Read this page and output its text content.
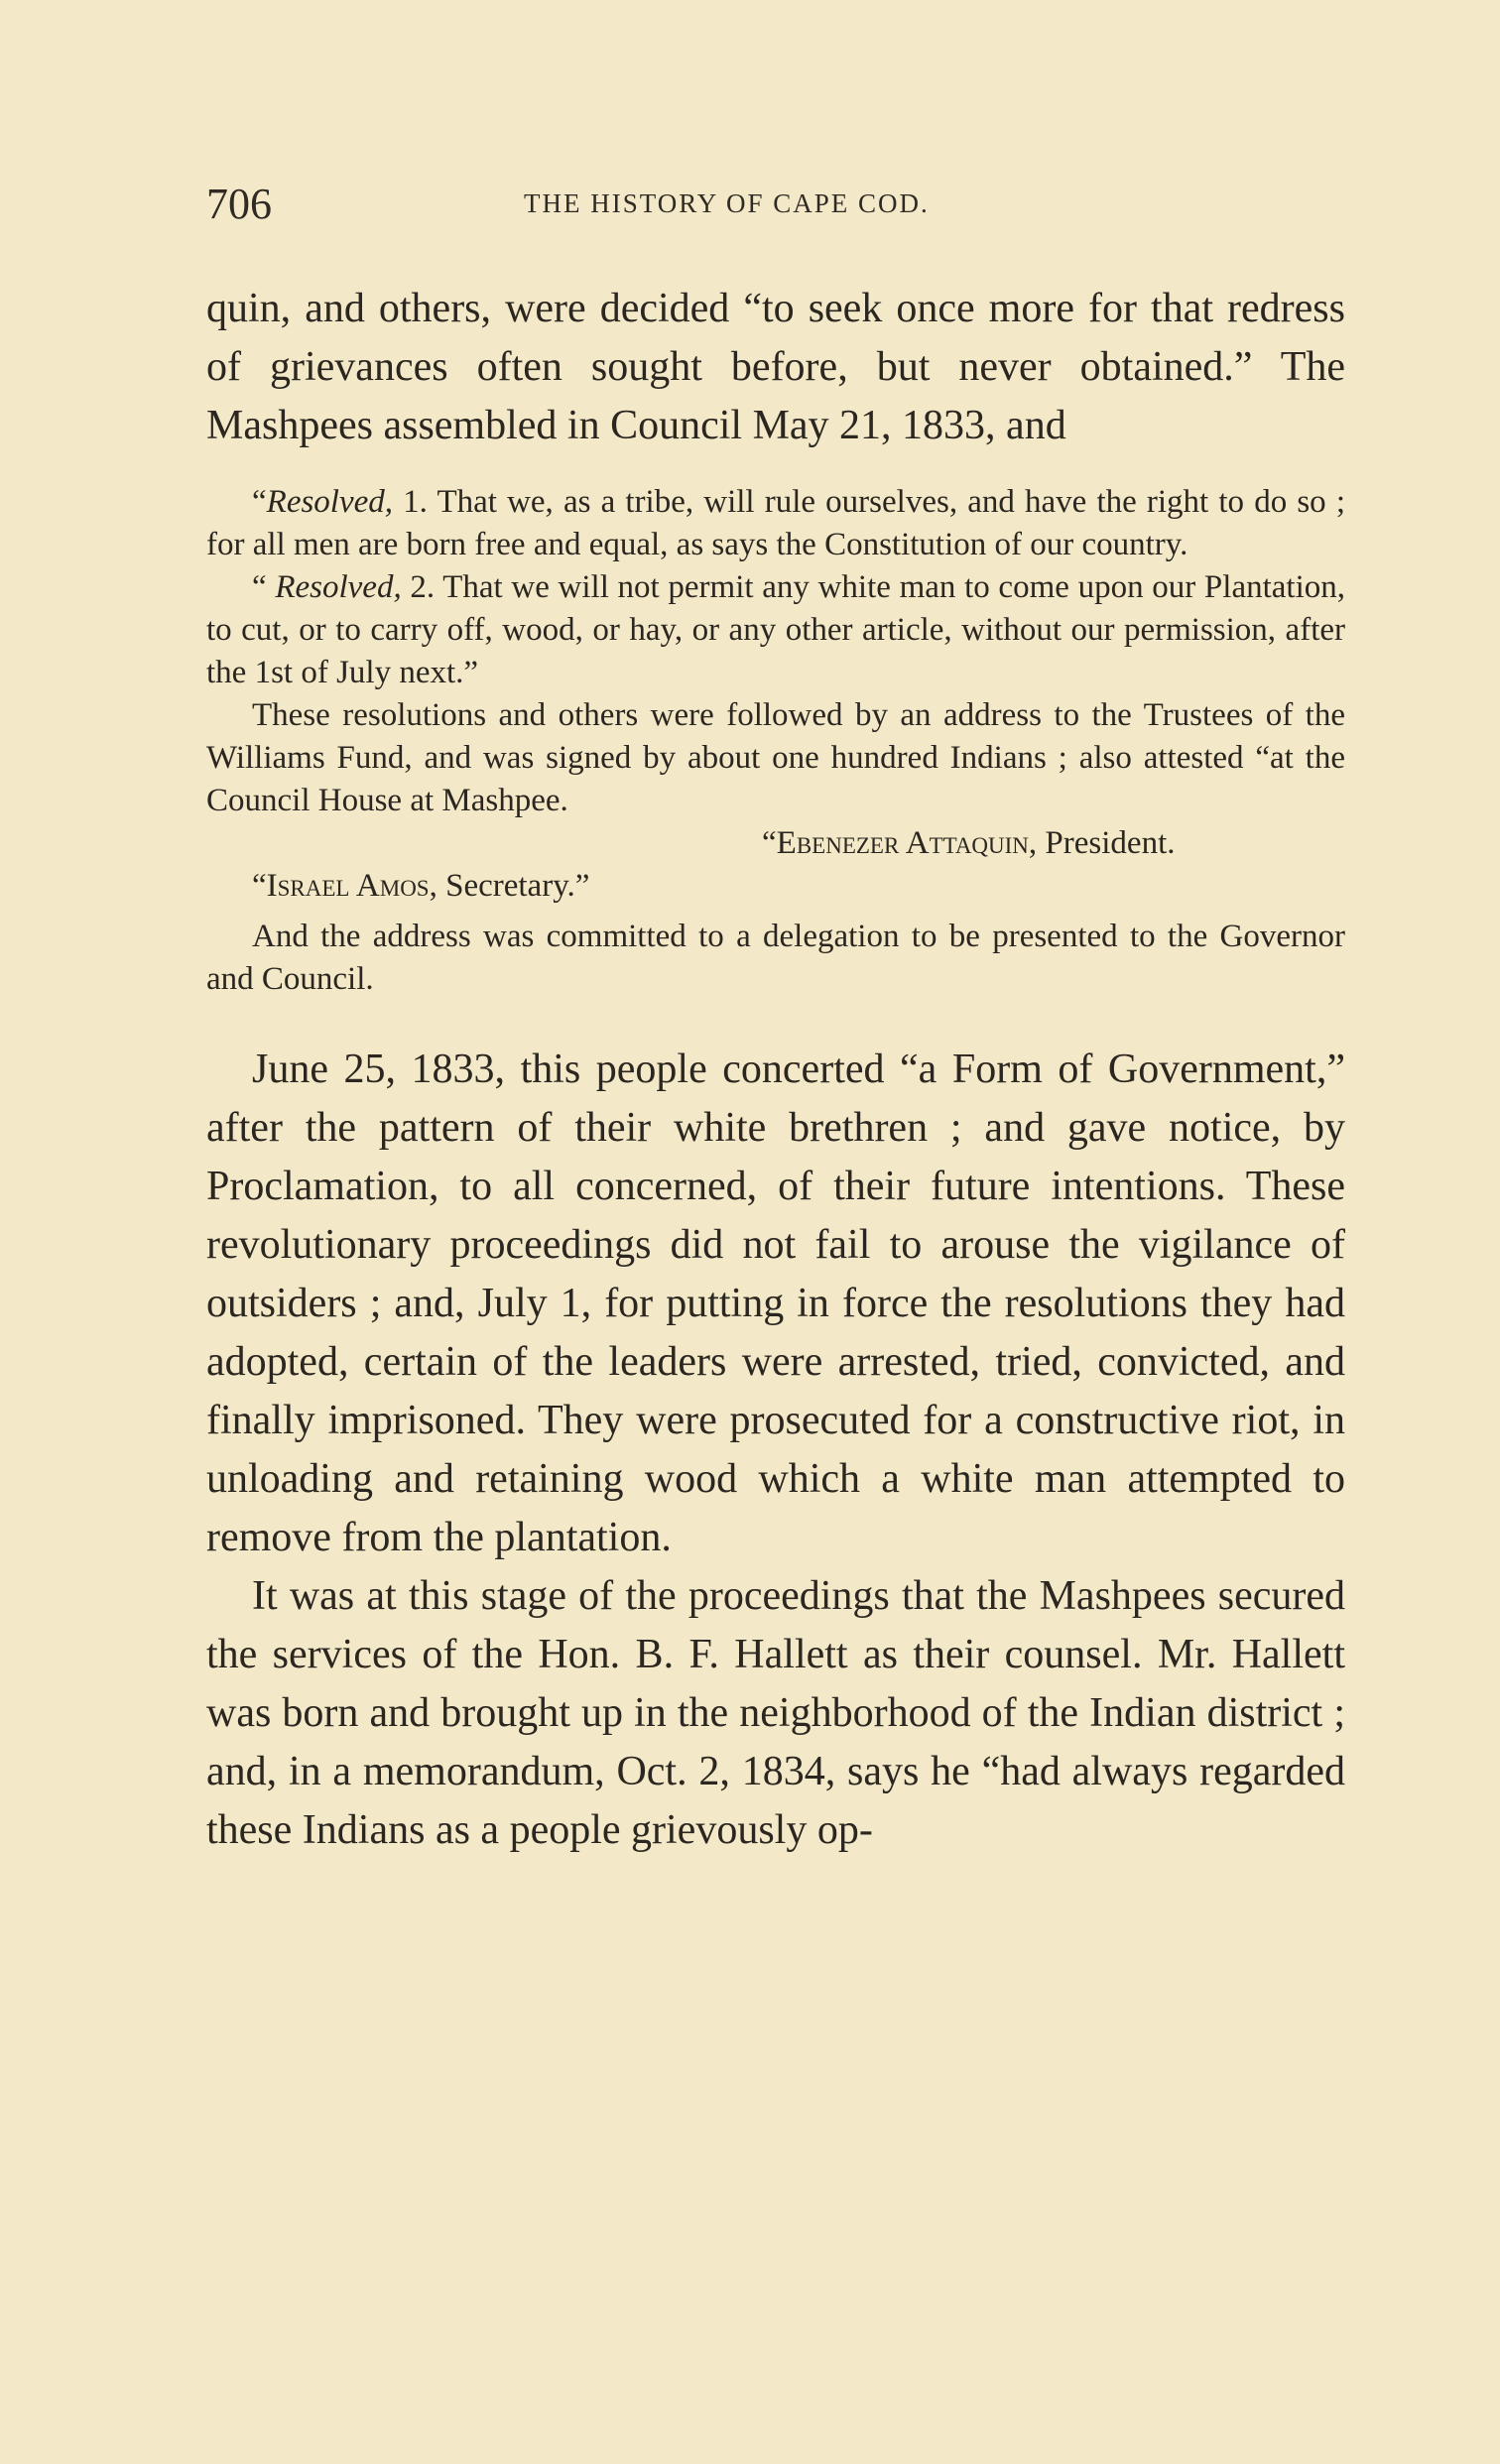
706	THE HISTORY OF CAPE COD.

quin, and others, were decided “to seek once more for that redress of grievances often sought before, but never obtained.” The Mashpees assembled in Council May 21, 1833, and

“Resolved, 1. That we, as a tribe, will rule ourselves, and have the right to do so ; for all men are born free and equal, as says the Constitution of our country.

“ Resolved, 2. That we will not permit any white man to come upon our Plantation, to cut, or to carry off, wood, or hay, or any other article, without our permission, after the 1st of July next.”

These resolutions and others were followed by an address to the Trustees of the Williams Fund, and was signed by about one hundred Indians ; also attested “at the Council House at Mashpee.

“Ebenezer Attaquin, President.

“Israel Amos, Secretary.”

And the address was committed to a delegation to be presented to the Governor and Council.

June 25, 1833, this people concerted “a Form of Government,” after the pattern of their white brethren ; and gave notice, by Proclamation, to all concerned, of their future intentions. These revolutionary proceedings did not fail to arouse the vigilance of outsiders ; and, July 1, for putting in force the resolutions they had adopted, certain of the leaders were arrested, tried, convicted, and finally imprisoned. They were prosecuted for a constructive riot, in unloading and retaining wood which a white man attempted to remove from the plantation.

It was at this stage of the proceedings that the Mashpees secured the services of the Hon. B. F. Hallett as their counsel. Mr. Hallett was born and brought up in the neighborhood of the Indian district ; and, in a memorandum, Oct. 2, 1834, says he “had always regarded these Indians as a people grievously op-
